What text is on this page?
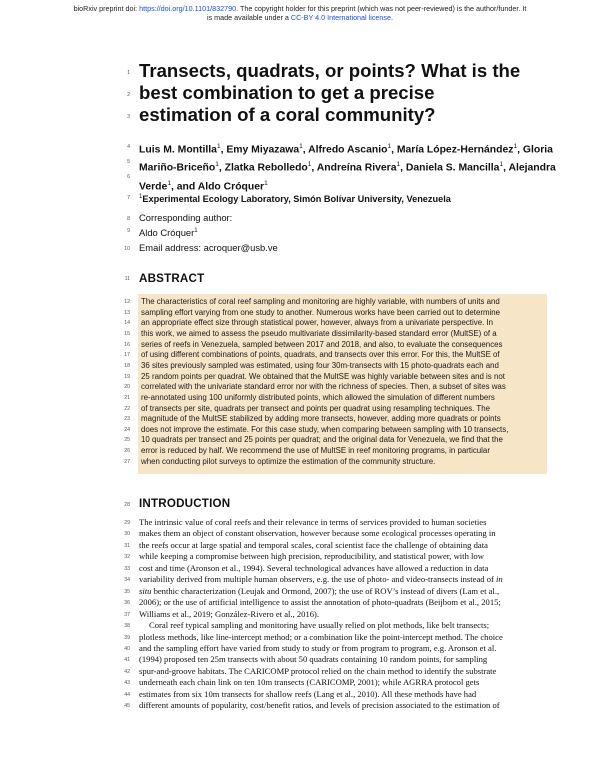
bioRxiv preprint doi: https://doi.org/10.1101/832790. The copyright holder for this preprint (which was not peer-reviewed) is the author/funder. It
is made available under a CC-BY 4.0 International license.
1
2
3
Transects, quadrats, or points? What is the
best combination to get a precise
estimation of a coral community?
4
5
6
Luis M. Montilla$^1$, Emy Miyazawa$^1$, Alfredo Ascanio$^1$, María López-Hernández$^1$, Gloria Mariño-Briceño$^1$, Zlatka Rebolledo$^1$, Andreína Rivera$^1$, Daniela S. Mancilla$^1$, Alejandra Verde$^1$, and Aldo Cróquer$^1$
7 $^1$Experimental Ecology Laboratory, Simón Bolívar University, Venezuela
8
9
Corresponding author:
Aldo Cróquer$^1$
10 Email address: acroquer@usb.ve
11 ABSTRACT
12 The characteristics of coral reef sampling and monitoring are highly variable, with numbers of units and
13 sampling effort varying from one study to another. Numerous works have been carried out to determine
14 an appropriate effect size through statistical power, however, always from a univariate perspective. In
15 this work, we aimed to assess the pseudo multivariate dissimilarity-based standard error (MultSE) of a
16 series of reefs in Venezuela, sampled between 2017 and 2018, and also, to evaluate the consequences
17 of using different combinations of points, quadrats, and transects over this error. For this, the MultSE of
18 36 sites previously sampled was estimated, using four 30m-transects with 15 photo-quadrats each and
19 25 random points per quadrat. We obtained that the MultSE was highly variable between sites and is not
20 correlated with the univariate standard error nor with the richness of species. Then, a subset of sites was
21 re-annotated using 100 uniformly distributed points, which allowed the simulation of different numbers
22 of transects per site, quadrats per transect and points per quadrat using resampling techniques. The
23 magnitude of the MultSE stabilized by adding more transects, however, adding more quadrats or points
24 does not improve the estimate. For this case study, when comparing between sampling with 10 transects,
25 10 quadrats per transect and 25 points per quadrat; and the original data for Venezuela, we find that the
26 error is reduced by half. We recommend the use of MultSE in reef monitoring programs, in particular
27 when conducting pilot surveys to optimize the estimation of the community structure.
28 INTRODUCTION
29 The intrinsic value of coral reefs and their relevance in terms of services provided to human societies
30 makes them an object of constant observation, however because some ecological processes operating in
31 the reefs occur at large spatial and temporal scales, coral scientist face the challenge of obtaining data
32 while keeping a compromise between high precision, reproducibility, and statistical power, with low
33 cost and time (Aronson et al., 1994). Several technological advances have allowed a reduction in data
34 variability derived from multiple human observers, e.g. the use of photo- and video-transects instead of in
35 situ benthic characterization (Leujak and Ormond, 2007); the use of ROV’s instead of divers (Lam et al.,
36 2006); or the use of artificial intelligence to assist the annotation of photo-quadrats (Beijbom et al., 2015;
37 Williams et al., 2019; González-Rivero et al., 2016).
38 Coral reef typical sampling and monitoring have usually relied on plot methods, like belt transects;
39 plotless methods, like line-intercept method; or a combination like the point-intercept method. The choice
40 and the sampling effort have varied from study to study or from program to program, e.g. Aronson et al.
41 (1994) proposed ten 25m transects with about 50 quadrats containing 10 random points, for sampling
42 spur-and-groove habitats. The CARICOMP protocol relied on the chain method to identify the substrate
43 underneath each chain link on ten 10m transects (CARICOMP, 2001); while AGRRA protocol gets
44 estimates from six 10m transects for shallow reefs (Lang et al., 2010). All these methods have had
45 different amounts of popularity, cost/benefit ratios, and levels of precision associated to the estimation of
